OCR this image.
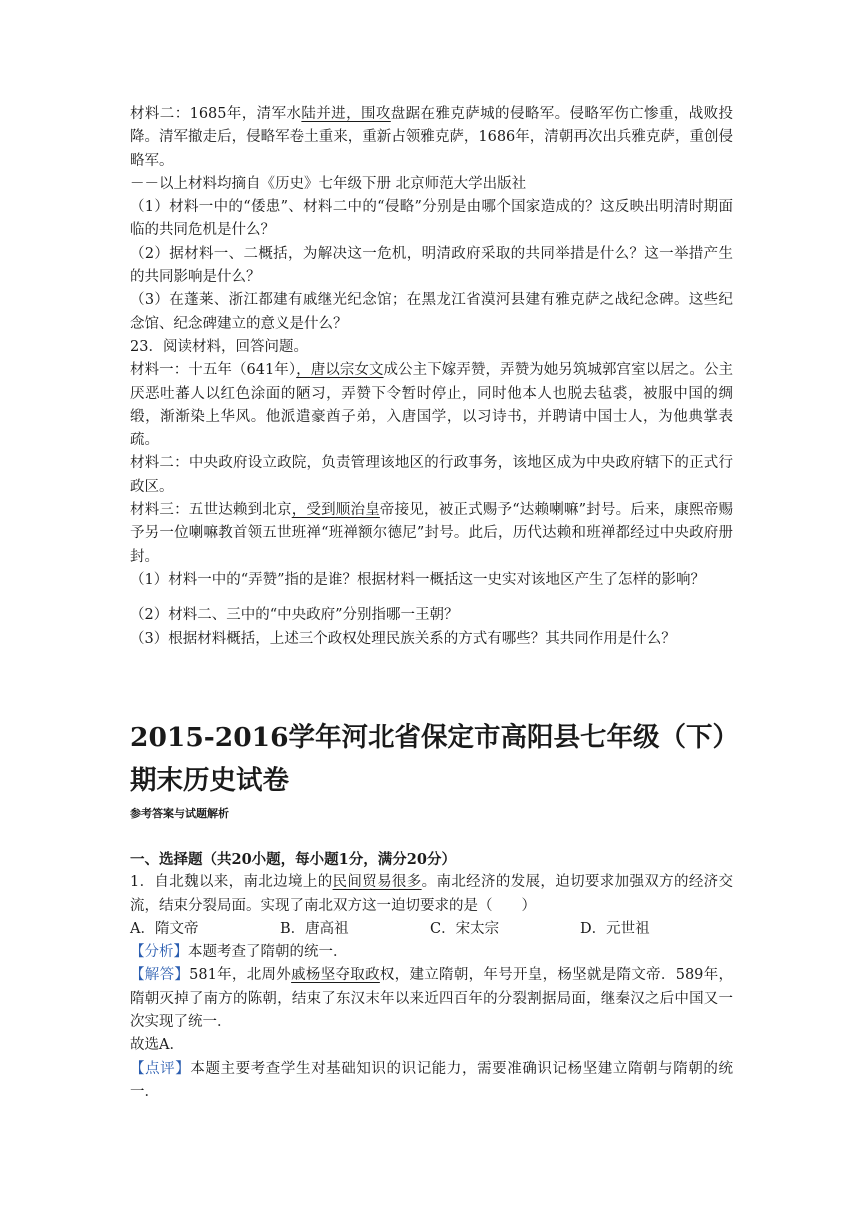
材料二：1685年，清军水陆并进，围攻盘踞在雅克萨城的侵略军。侵略军伤亡惨重，战败投降。清军撤走后，侵略军卷土重来，重新占领雅克萨，1686年，清朝再次出兵雅克萨，重创侵略军。

－－以上材料均摘自《历史》七年级下册 北京师范大学出版社

（1）材料一中的“倭患”、材料二中的“侵略”分别是由哪个国家造成的？这反映出明清时期面临的共同危机是什么？

（2）据材料一、二概括，为解决这一危机，明清政府采取的共同举措是什么？这一举措产生的共同影响是什么？

（3）在蓬莱、浙江都建有戚继光纪念馆；在黑龙江省漠河县建有雅克萨之战纪念碑。这些纪念馆、纪念碑建立的意义是什么？

23．阅读材料，回答问题。

材料一：十五年（641年），唐以宗女文成公主下嫁弄赞，弄赞为她另筑城郭宫室以居之。公主厌恶吐蕃人以红色涂面的陋习，弄赞下令暂时停止，同时他本人也脱去毡裘，被服中国的绸缎，渐渐染上华风。他派遣豪酋子弟，入唐国学，以习诗书，并聘请中国士人，为他典掌表疏。

材料二：中央政府设立政院，负责管理该地区的行政事务，该地区成为中央政府辖下的正式行政区。

材料三：五世达赖到北京，受到顺治皇帝接见，被正式赐予“达赖喇嘛”封号。后来，康熙帝赐予另一位喇嘛教首领五世班禅“班禅额尔德尼”封号。此后，历代达赖和班禅都经过中央政府册封。

（1）材料一中的“弄赞”指的是谁？根据材料一概括这一史实对该地区产生了怎样的影响？

（2）材料二、三中的“中央政府”分别指哪一王朝？

（3）根据材料概括，上述三个政权处理民族关系的方式有哪些？其共同作用是什么？

2015-2016学年河北省保定市高阳县七年级（下）期末历史试卷

参考答案与试题解析

一、选择题（共20小题，每小题1分，满分20分）

1．自北魏以来，南北边境上的民间贸易很多。南北经济的发展，迫切要求加强双方的经济交流，结束分裂局面。实现了南北双方这一迫切要求的是（　　）

A．隋文帝	B．唐高祖	C．宋太宗	D．元世祖

【分析】本题考查了隋朝的统一．

【解答】581年，北周外戚杨坚夺取政权，建立隋朝，年号开皇，杨坚就是隋文帝．589年，隋朝灭掉了南方的陈朝，结束了东汉末年以来近四百年的分裂割据局面，继秦汉之后中国又一次实现了统一．

故选A．

【点评】本题主要考查学生对基础知识的识记能力，需要准确识记杨坚建立隋朝与隋朝的统一．
